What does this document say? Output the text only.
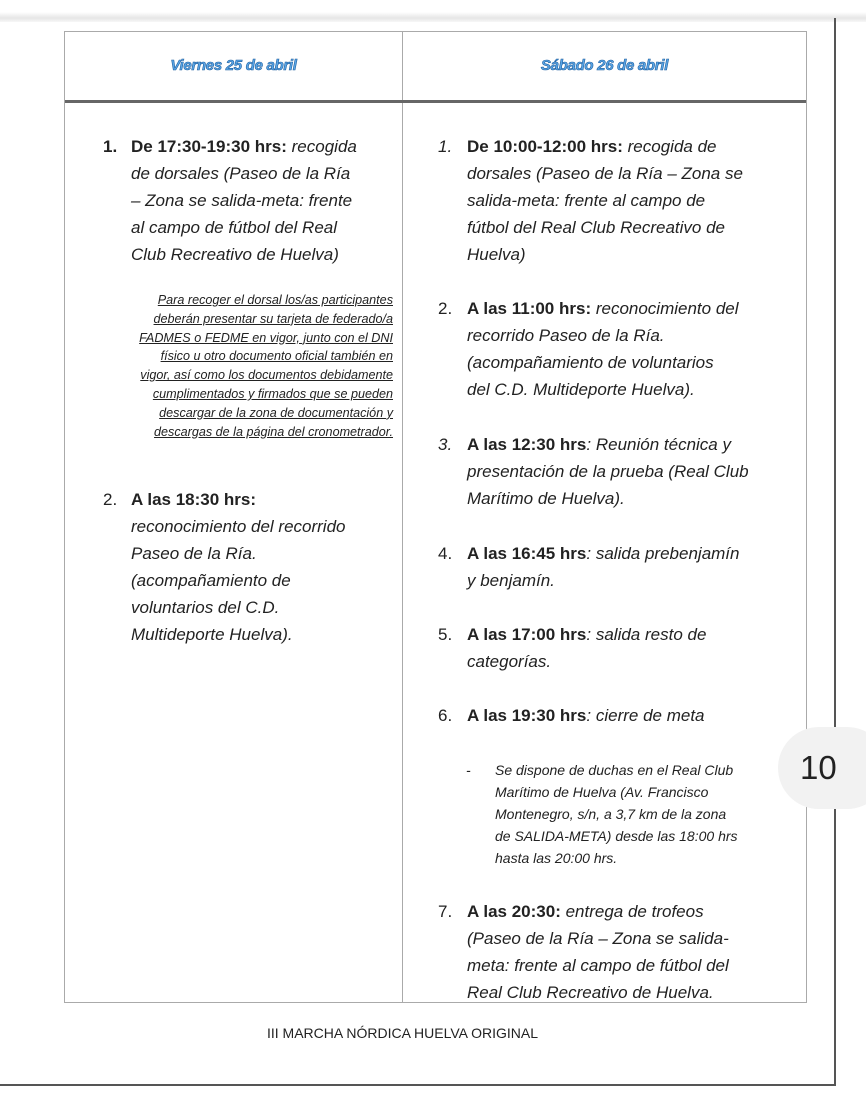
Viernes 25 de abril	Sábado 26 de abril
1. De 17:30-19:30 hrs: recogida
de dorsales (Paseo de la Ría
– Zona se salida-meta: frente
al campo de fútbol del Real
Club Recreativo de Huelva)
2. A las 18:30 hrs:
reconocimiento del recorrido
Paseo de la Ría.
(acompañamiento de
voluntarios del C.D.
Multideporte Huelva).
1. De 10:00-12:00 hrs: recogida de
dorsales (Paseo de la Ría – Zona se
salida-meta: frente al campo de
fútbol del Real Club Recreativo de
Huelva)
2. A las 11:00 hrs: reconocimiento del
recorrido Paseo de la Ría.
(acompañamiento de voluntarios
del C.D. Multideporte Huelva).
3. A las 12:30 hrs: Reunión técnica y
presentación de la prueba (Real Club
Marítimo de Huelva).
4. A las 16:45 hrs: salida prebenjamín
y benjamín.
5. A las 17:00 hrs: salida resto de
categorías.
6. A las 19:30 hrs: cierre de meta
7. A las 20:30: entrega de trofeos
(Paseo de la Ría – Zona se salida-
meta: frente al campo de fútbol del
Real Club Recreativo de Huelva.
Para recoger el dorsal los/as participantes
deberán presentar su tarjeta de federado/a
FADMES o FEDME en vigor, junto con el DNI
físico u otro documento oficial también en
vigor, así como los documentos debidamente
cumplimentados y firmados que se pueden
descargar de la zona de documentación y
descargas de la página del cronometrador.
- Se dispone de duchas en el Real Club
Marítimo de Huelva (Av. Francisco
Montenegro, s/n, a 3,7 km de la zona
de SALIDA-META) desde las 18:00 hrs
hasta las 20:00 hrs.
III MARCHA NÓRDICA HUELVA ORIGINAL
10
